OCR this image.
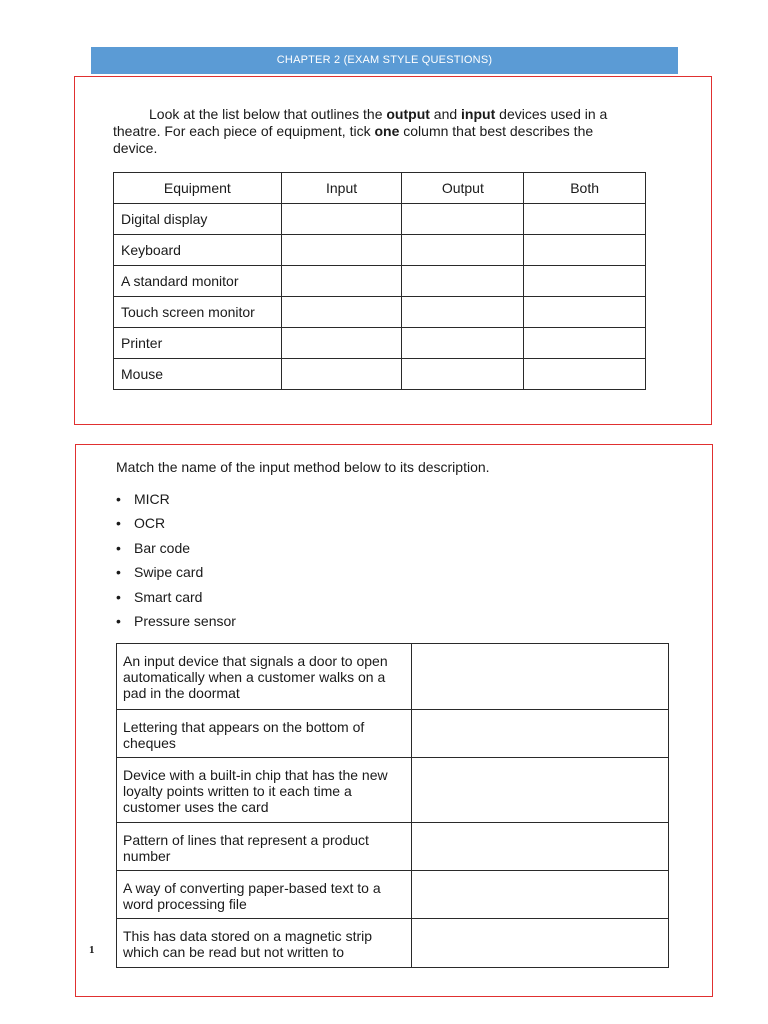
CHAPTER 2 (EXAM STYLE QUESTIONS)
Look at the list below that outlines the output and input devices used in a theatre. For each piece of equipment, tick one column that best describes the device.
Equipment	Input	Output	Both
Digital display			
Keyboard			
A standard monitor			
Touch screen monitor			
Printer			
Mouse			
Match the name of the input method below to its description.
• MICR
• OCR
• Bar code
• Swipe card
• Smart card
• Pressure sensor
An input device that signals a door to open automatically when a customer walks on a pad in the doormat	
Lettering that appears on the bottom of cheques	
Device with a built-in chip that has the new loyalty points written to it each time a customer uses the card	
Pattern of lines that represent a product number	
A way of converting paper-based text to a word processing file	
This has data stored on a magnetic strip which can be read but not written to	
1
